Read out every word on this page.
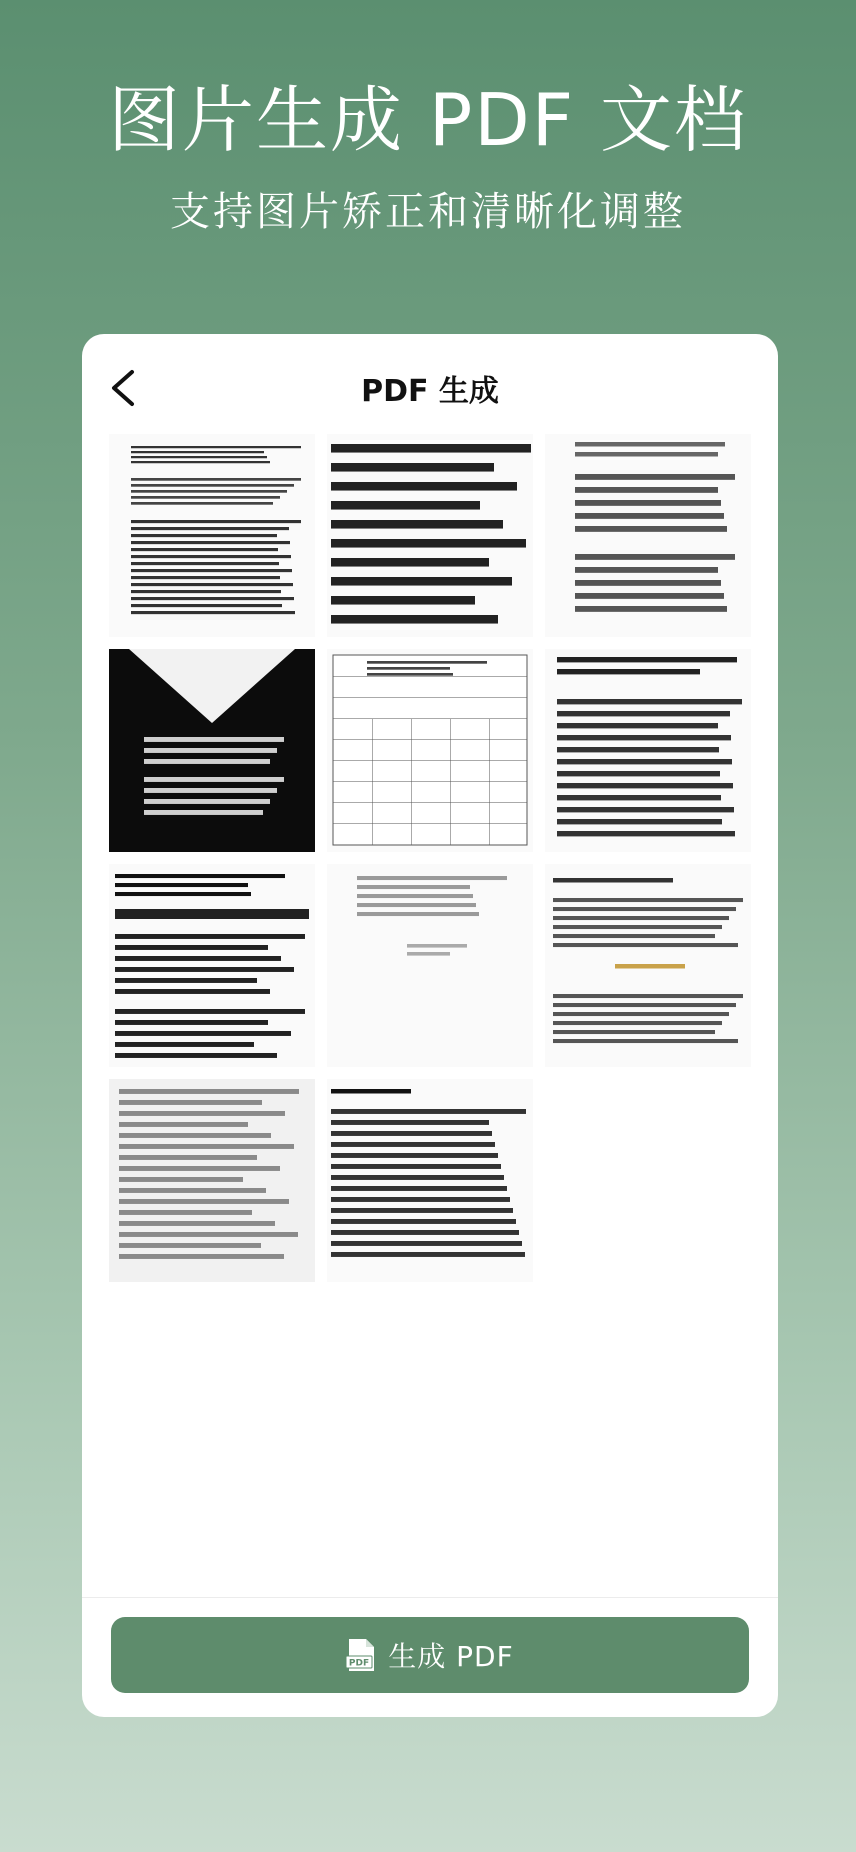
图片生成 PDF 文档
支持图片矫正和清晰化调整
PDF 生成
PDF 生成 PDF
